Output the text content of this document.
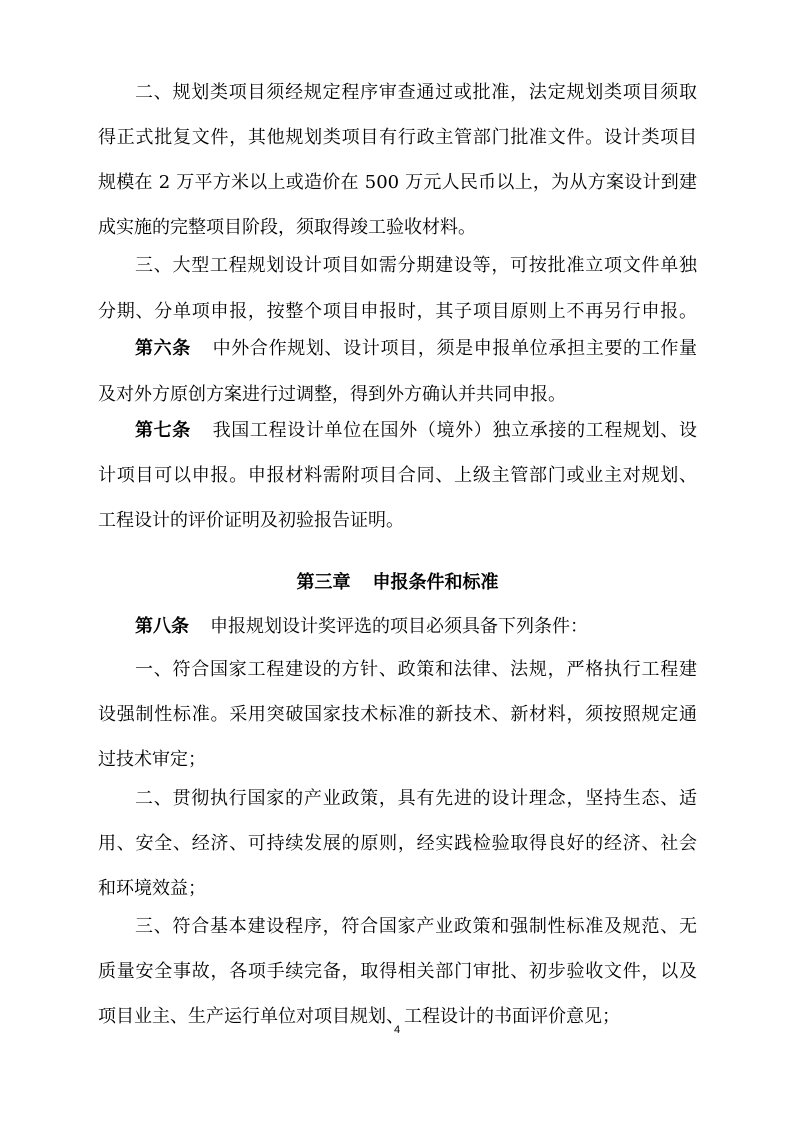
二、规划类项目须经规定程序审查通过或批准，法定规划类项目须取
得正式批复文件，其他规划类项目有行政主管部门批准文件。设计类项目
规模在 2 万平方米以上或造价在 500 万元人民币以上，为从方案设计到建
成实施的完整项目阶段，须取得竣工验收材料。
三、大型工程规划设计项目如需分期建设等，可按批准立项文件单独
分期、分单项申报，按整个项目申报时，其子项目原则上不再另行申报。
第六条 中外合作规划、设计项目，须是申报单位承担主要的工作量
及对外方原创方案进行过调整，得到外方确认并共同申报。
第七条 我国工程设计单位在国外（境外）独立承接的工程规划、设
计项目可以申报。申报材料需附项目合同、上级主管部门或业主对规划、
工程设计的评价证明及初验报告证明。
第三章 申报条件和标准
第八条 申报规划设计奖评选的项目必须具备下列条件：
一、符合国家工程建设的方针、政策和法律、法规，严格执行工程建
设强制性标准。采用突破国家技术标准的新技术、新材料，须按照规定通
过技术审定；
二、贯彻执行国家的产业政策，具有先进的设计理念，坚持生态、适
用、安全、经济、可持续发展的原则，经实践检验取得良好的经济、社会
和环境效益；
三、符合基本建设程序，符合国家产业政策和强制性标准及规范、无
质量安全事故，各项手续完备，取得相关部门审批、初步验收文件，以及
项目业主、生产运行单位对项目规划、工程设计的书面评价意见；
4
